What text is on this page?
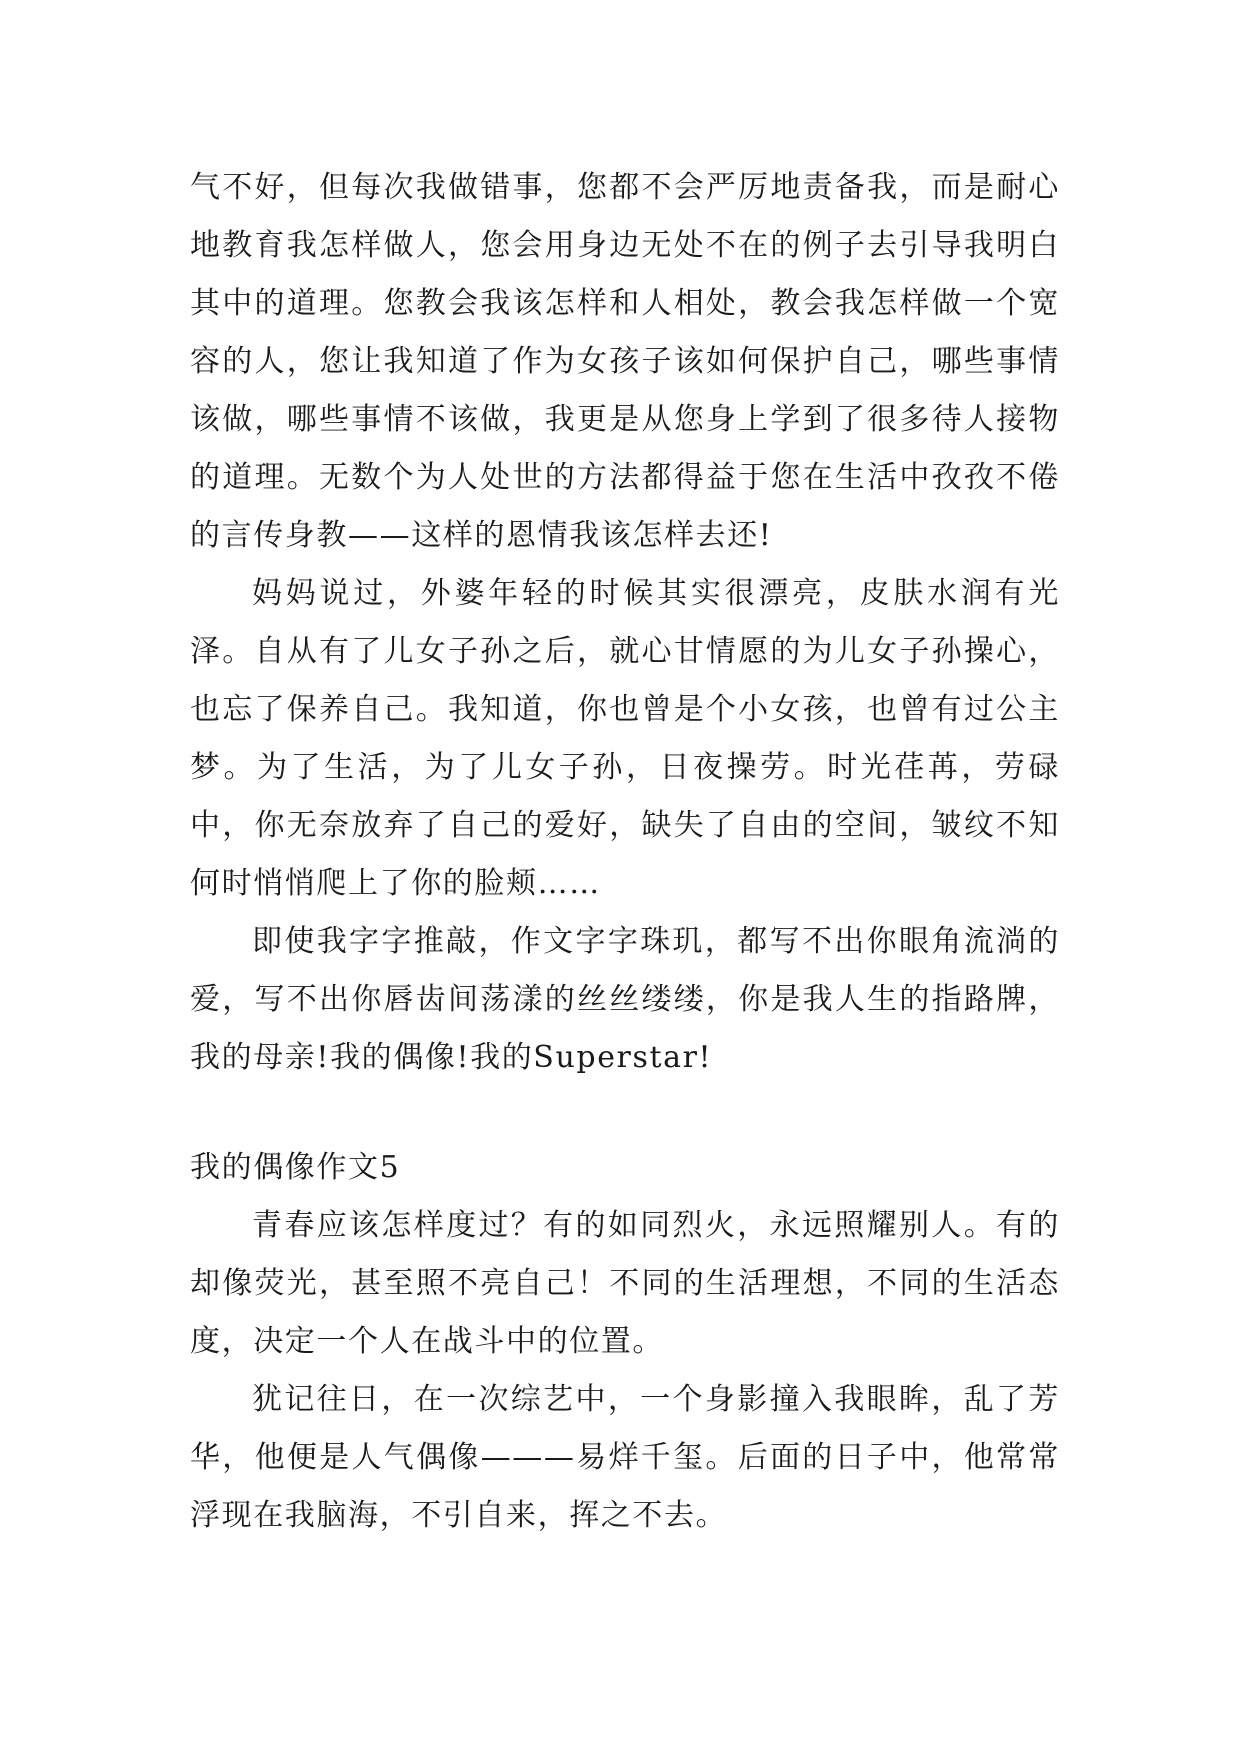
气不好，但每次我做错事，您都不会严厉地责备我，而是耐心地教育我怎样做人，您会用身边无处不在的例子去引导我明白其中的道理。您教会我该怎样和人相处，教会我怎样做一个宽容的人，您让我知道了作为女孩子该如何保护自己，哪些事情该做，哪些事情不该做，我更是从您身上学到了很多待人接物的道理。无数个为人处世的方法都得益于您在生活中孜孜不倦的言传身教——这样的恩情我该怎样去还!

妈妈说过，外婆年轻的时候其实很漂亮，皮肤水润有光泽。自从有了儿女子孙之后，就心甘情愿的为儿女子孙操心，也忘了保养自己。我知道，你也曾是个小女孩，也曾有过公主梦。为了生活，为了儿女子孙，日夜操劳。时光荏苒，劳碌中，你无奈放弃了自己的爱好，缺失了自由的空间，皱纹不知何时悄悄爬上了你的脸颊……

即使我字字推敲，作文字字珠玑，都写不出你眼角流淌的爱，写不出你唇齿间荡漾的丝丝缕缕，你是我人生的指路牌，我的母亲!我的偶像!我的Superstar!

我的偶像作文5

青春应该怎样度过？有的如同烈火，永远照耀别人。有的却像荧光，甚至照不亮自己！不同的生活理想，不同的生活态度，决定一个人在战斗中的位置。

犹记往日，在一次综艺中，一个身影撞入我眼眸，乱了芳华，他便是人气偶像———易烊千玺。后面的日子中，他常常浮现在我脑海，不引自来，挥之不去。
